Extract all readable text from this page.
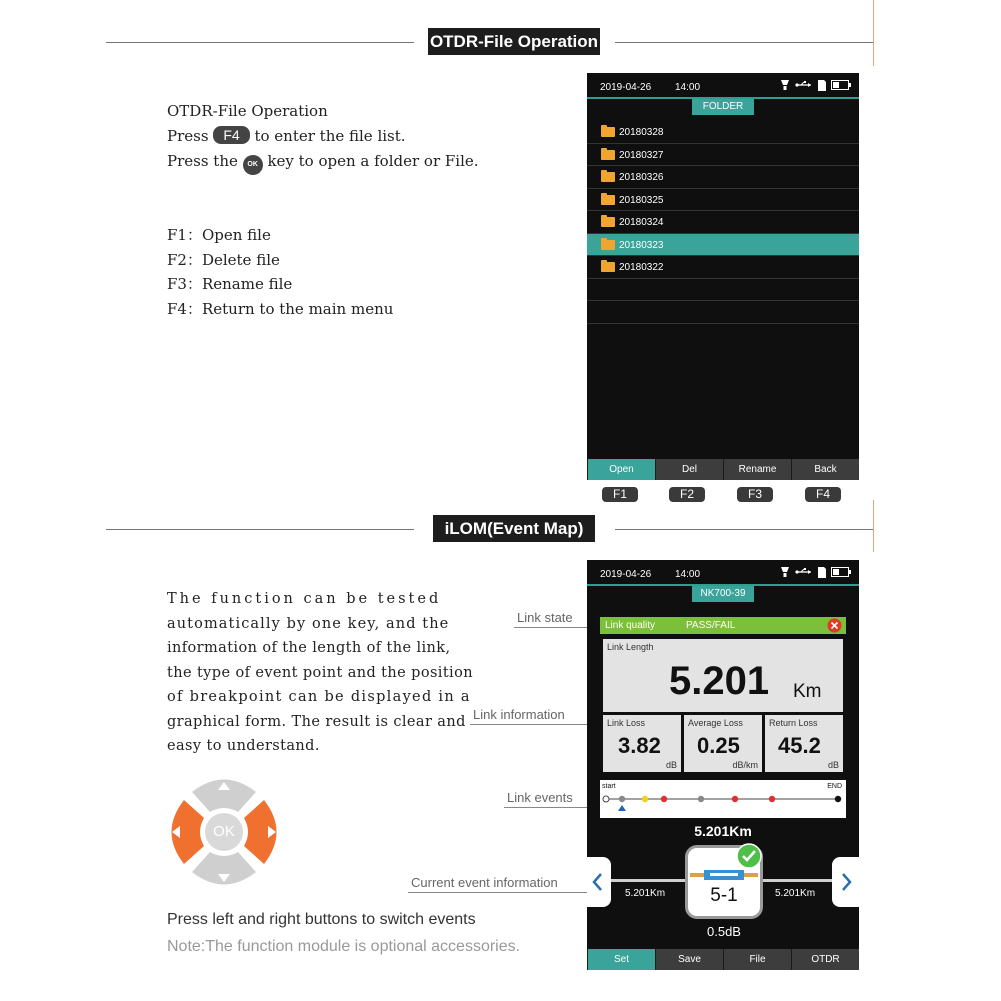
OTDR-File Operation
OTDR-File Operation
Press F4 to enter the file list.
Press the OK key to open a folder or File.
F1：Open file
F2：Delete file
F3：Rename file
F4：Return to the main menu
2019-04-26 14:00
FOLDER
20180328
20180327
20180326
20180325
20180324
20180323
20180322
Open	Del	Rename	Back
F1	F2	F3	F4
iLOM(Event Map)
The function can be tested
automatically by one key, and the
information of the length of the link,
the type of event point and the position
of breakpoint can be displayed in a
graphical form. The result is clear and
easy to understand.
OK
Press left and right buttons to switch events
Note:The function module is optional accessories.
Link state
Link information
Link events
Current event information
2019-04-26 14:00
NK700-39
Link quality	PASS/FAIL
Link Length
5.201 Km
Link Loss
3.82
dB
Average Loss
0.25
dB/km
Return Loss
45.2
dB
start	END
5.201Km
5.201Km	5.201Km
5-1
0.5dB
Set	Save	File	OTDR
